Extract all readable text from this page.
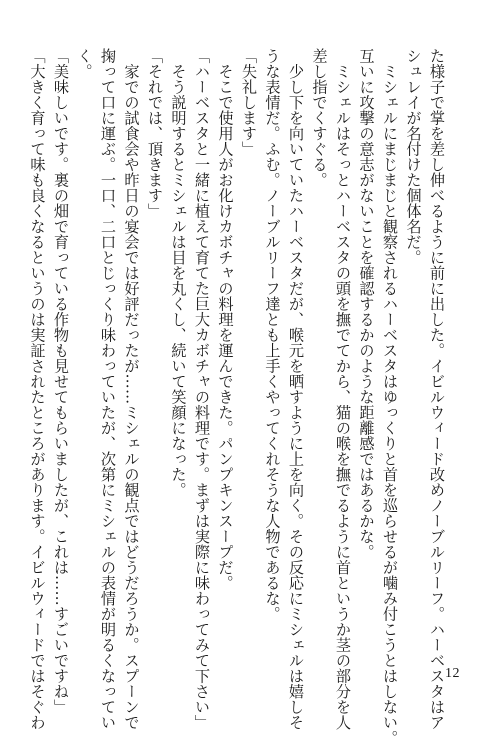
た様子で掌を差し伸べるように前に出した。イビルウィード改めノーブルリーフ。ハーベスタはア
シュレイが名付けた個体名だ。
　ミシェルにまじまじと観察されるハーベスタはゆっくりと首を巡らせるが噛み付こうとはしない。
互いに攻撃の意志がないことを確認するかのような距離感ではあるかな。
　ミシェルはそっとハーベスタの頭を撫でてから、猫の喉を撫でるように首というか茎の部分を人
差し指でくすぐる。
　少し下を向いていたハーベスタだが、喉元を晒すように上を向く。その反応にミシェルは嬉しそ
うな表情だ。ふむ。ノーブルリーフ達とも上手くやってくれそうな人物であるな。
「失礼します」
　そこで使用人がお化けカボチャの料理を運んできた。パンプキンスープだ。
「ハーベスタと一緒に植えて育てた巨大カボチャの料理です。まずは実際に味わってみて下さい」
　そう説明するとミシェルは目を丸くし、続いて笑顔になった。
「それでは、頂きます」
　家での試食会や昨日の宴会では好評だったが……ミシェルの観点ではどうだろうか。スプーンで
掬って口に運ぶ。一口、二口とじっくり味わっていたが、次第にミシェルの表情が明るくなってい
く。
「美味しいです。裏の畑で育っている作物も見せてもらいましたが、これは……すごいですね」
「大きく育って味も良くなるというのは実証されたところがあります。イビルウィードではそぐわ	12
